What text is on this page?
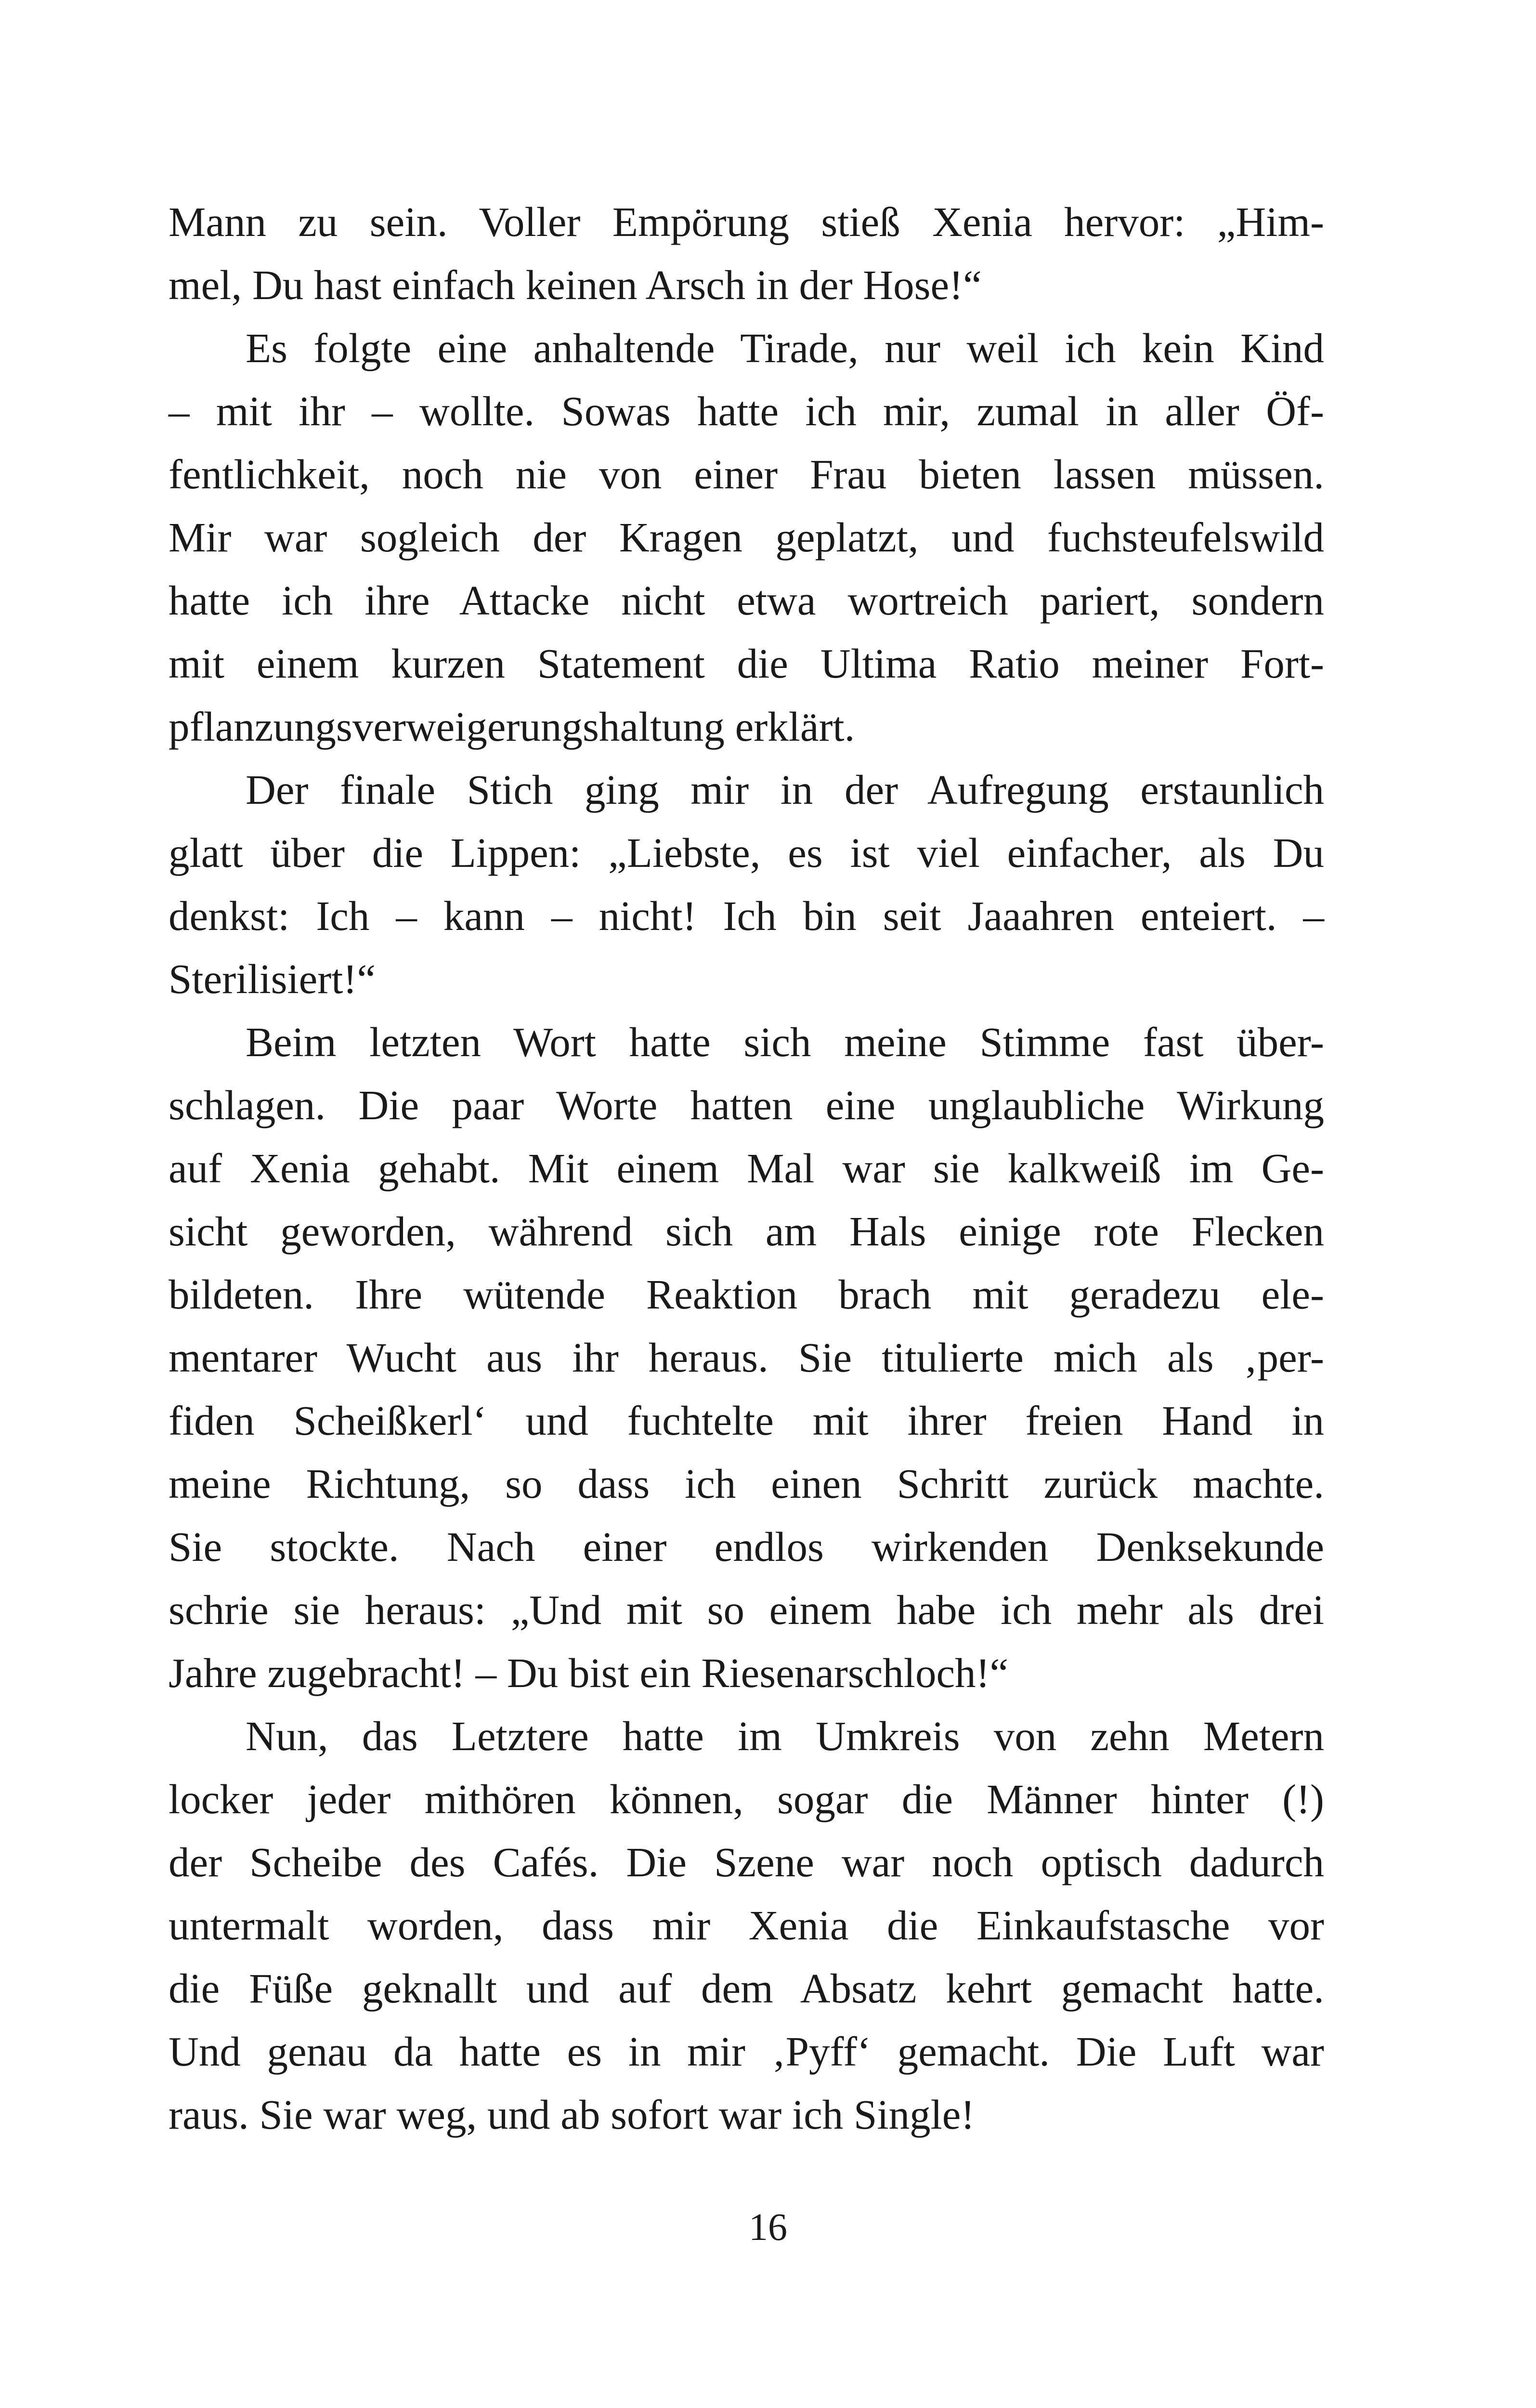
Mann zu sein. Voller Empörung stieß Xenia hervor: „Him-
mel, Du hast einfach keinen Arsch in der Hose!“
Es folgte eine anhaltende Tirade, nur weil ich kein Kind
– mit ihr – wollte. Sowas hatte ich mir, zumal in aller Öf-
fentlichkeit, noch nie von einer Frau bieten lassen müssen.
Mir war sogleich der Kragen geplatzt, und fuchsteufelswild
hatte ich ihre Attacke nicht etwa wortreich pariert, sondern
mit einem kurzen Statement die Ultima Ratio meiner Fort-
pflanzungsverweigerungshaltung erklärt.
Der finale Stich ging mir in der Aufregung erstaunlich
glatt über die Lippen: „Liebste, es ist viel einfacher, als Du
denkst: Ich – kann – nicht! Ich bin seit Jaaahren enteiert. –
Sterilisiert!“
Beim letzten Wort hatte sich meine Stimme fast über-
schlagen. Die paar Worte hatten eine unglaubliche Wirkung
auf Xenia gehabt. Mit einem Mal war sie kalkweiß im Ge-
sicht geworden, während sich am Hals einige rote Flecken
bildeten. Ihre wütende Reaktion brach mit geradezu ele-
mentarer Wucht aus ihr heraus. Sie titulierte mich als ‚per-
fiden Scheißkerl‘ und fuchtelte mit ihrer freien Hand in
meine Richtung, so dass ich einen Schritt zurück machte.
Sie stockte. Nach einer endlos wirkenden Denksekunde
schrie sie heraus: „Und mit so einem habe ich mehr als drei
Jahre zugebracht! – Du bist ein Riesenarschloch!“
Nun, das Letztere hatte im Umkreis von zehn Metern
locker jeder mithören können, sogar die Männer hinter (!)
der Scheibe des Cafés. Die Szene war noch optisch dadurch
untermalt worden, dass mir Xenia die Einkaufstasche vor
die Füße geknallt und auf dem Absatz kehrt gemacht hatte.
Und genau da hatte es in mir ‚Pyff‘ gemacht. Die Luft war
raus. Sie war weg, und ab sofort war ich Single!
16
